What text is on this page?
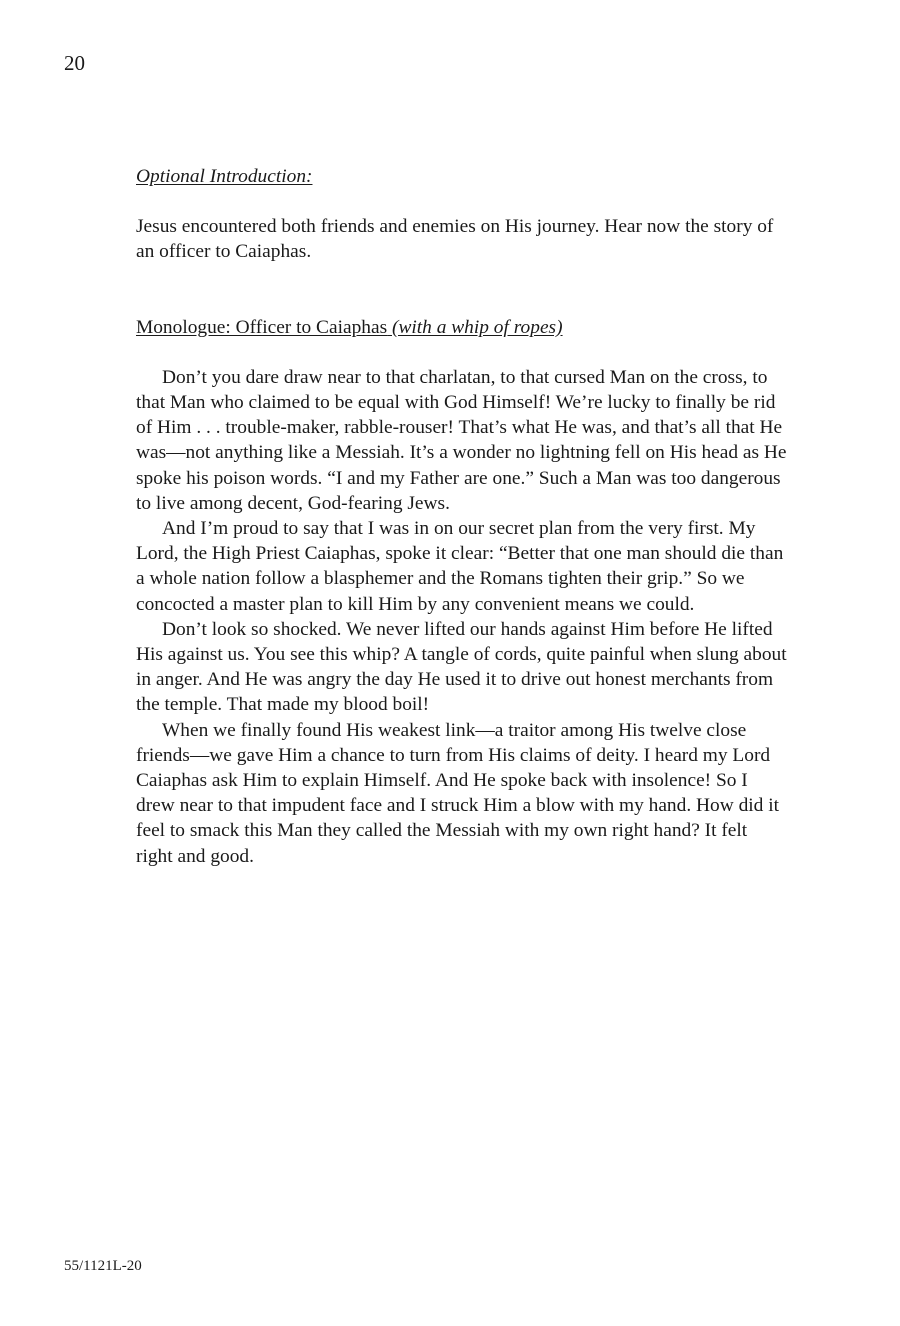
20

Optional Introduction:

Jesus encountered both friends and enemies on His journey. Hear now the story of an officer to Caiaphas.

Monologue: Officer to Caiaphas (with a whip of ropes)

Don’t you dare draw near to that charlatan, to that cursed Man on the cross, to that Man who claimed to be equal with God Himself! We’re lucky to finally be rid of Him . . . trouble-maker, rabble-rouser! That’s what He was, and that’s all that He was—not anything like a Messiah. It’s a wonder no lightning fell on His head as He spoke his poison words. “I and my Father are one.” Such a Man was too dangerous to live among decent, God-fearing Jews.

And I’m proud to say that I was in on our secret plan from the very first. My Lord, the High Priest Caiaphas, spoke it clear: “Better that one man should die than a whole nation follow a blasphemer and the Romans tighten their grip.” So we concocted a master plan to kill Him by any convenient means we could.

Don’t look so shocked. We never lifted our hands against Him before He lifted His against us. You see this whip? A tangle of cords, quite painful when slung about in anger. And He was angry the day He used it to drive out honest merchants from the temple. That made my blood boil!

When we finally found His weakest link—a traitor among His twelve close friends—we gave Him a chance to turn from His claims of deity. I heard my Lord Caiaphas ask Him to explain Himself. And He spoke back with insolence! So I drew near to that impudent face and I struck Him a blow with my hand. How did it feel to smack this Man they called the Messiah with my own right hand? It felt right and good.

55/1121L-20
